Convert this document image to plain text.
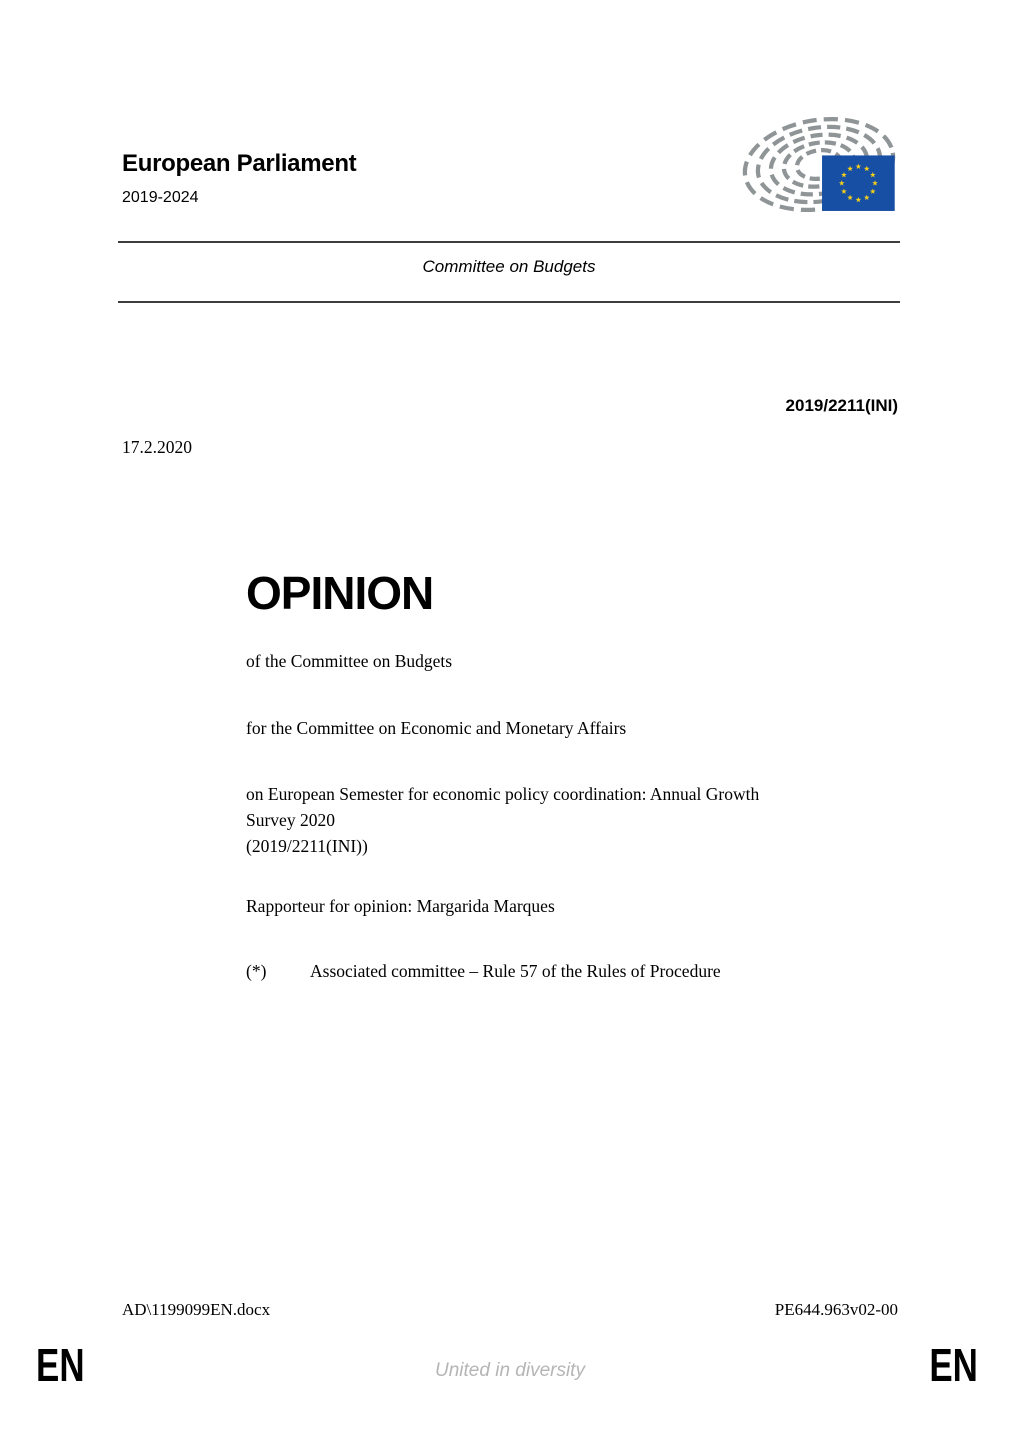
European Parliament
2019-2024
Committee on Budgets
2019/2211(INI)
17.2.2020
OPINION
of the Committee on Budgets
for the Committee on Economic and Monetary Affairs
on European Semester for economic policy coordination: Annual Growth
Survey 2020
(2019/2211(INI))
Rapporteur for opinion: Margarida Marques
(*) Associated committee – Rule 57 of the Rules of Procedure
AD\1199099EN.docx	PE644.963v02-00
EN	United in diversity	EN
